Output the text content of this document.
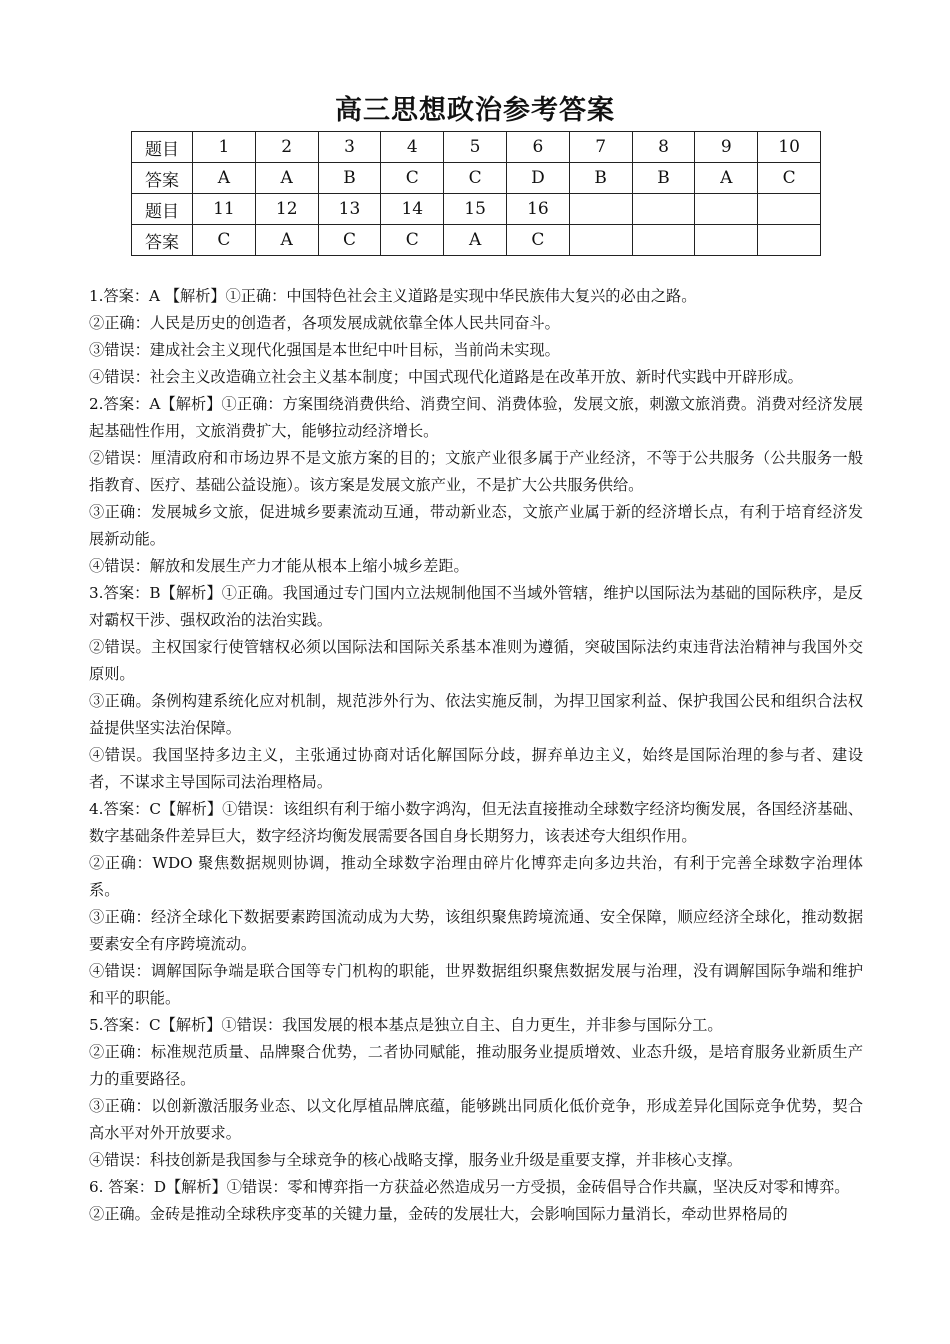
高三思想政治参考答案
题目	1	2	3	4	5	6	7	8	9	10
答案	A	A	B	C	C	D	B	B	A	C
题目	11	12	13	14	15	16				
答案	C	A	C	C	A	C				

1.答案：A 【解析】①正确：中国特色社会主义道路是实现中华民族伟大复兴的必由之路。

②正确：人民是历史的创造者，各项发展成就依靠全体人民共同奋斗。

③错误：建成社会主义现代化强国是本世纪中叶目标，当前尚未实现。

④错误：社会主义改造确立社会主义基本制度；中国式现代化道路是在改革开放、新时代实践中开辟形成。

2.答案：A【解析】①正确：方案围绕消费供给、消费空间、消费体验，发展文旅，刺激文旅消费。消费对经济发展起基础性作用，文旅消费扩大，能够拉动经济增长。

②错误：厘清政府和市场边界不是文旅方案的目的；文旅产业很多属于产业经济，不等于公共服务（公共服务一般指教育、医疗、基础公益设施）。该方案是发展文旅产业，不是扩大公共服务供给。

③正确：发展城乡文旅，促进城乡要素流动互通，带动新业态，文旅产业属于新的经济增长点，有利于培育经济发展新动能。

④错误：解放和发展生产力才能从根本上缩小城乡差距。

3.答案：B【解析】①正确。我国通过专门国内立法规制他国不当域外管辖，维护以国际法为基础的国际秩序，是反对霸权干涉、强权政治的法治实践。

②错误。主权国家行使管辖权必须以国际法和国际关系基本准则为遵循，突破国际法约束违背法治精神与我国外交原则。

③正确。条例构建系统化应对机制，规范涉外行为、依法实施反制，为捍卫国家利益、保护我国公民和组织合法权益提供坚实法治保障。

④错误。我国坚持多边主义，主张通过协商对话化解国际分歧，摒弃单边主义，始终是国际治理的参与者、建设者，不谋求主导国际司法治理格局。

4.答案：C【解析】①错误：该组织有利于缩小数字鸿沟，但无法直接推动全球数字经济均衡发展，各国经济基础、数字基础条件差异巨大，数字经济均衡发展需要各国自身长期努力，该表述夸大组织作用。

②正确：WDO 聚焦数据规则协调，推动全球数字治理由碎片化博弈走向多边共治，有利于完善全球数字治理体系。

③正确：经济全球化下数据要素跨国流动成为大势，该组织聚焦跨境流通、安全保障，顺应经济全球化，推动数据要素安全有序跨境流动。

④错误：调解国际争端是联合国等专门机构的职能，世界数据组织聚焦数据发展与治理，没有调解国际争端和维护和平的职能。

5.答案：C【解析】①错误：我国发展的根本基点是独立自主、自力更生，并非参与国际分工。

②正确：标准规范质量、品牌聚合优势，二者协同赋能，推动服务业提质增效、业态升级，是培育服务业新质生产力的重要路径。

③正确：以创新激活服务业态、以文化厚植品牌底蕴，能够跳出同质化低价竞争，形成差异化国际竞争优势，契合高水平对外开放要求。

④错误：科技创新是我国参与全球竞争的核心战略支撑，服务业升级是重要支撑，并非核心支撑。

6. 答案：D【解析】①错误：零和博弈指一方获益必然造成另一方受损，金砖倡导合作共赢，坚决反对零和博弈。

②正确。金砖是推动全球秩序变革的关键力量，金砖的发展壮大，会影响国际力量消长，牵动世界格局的
